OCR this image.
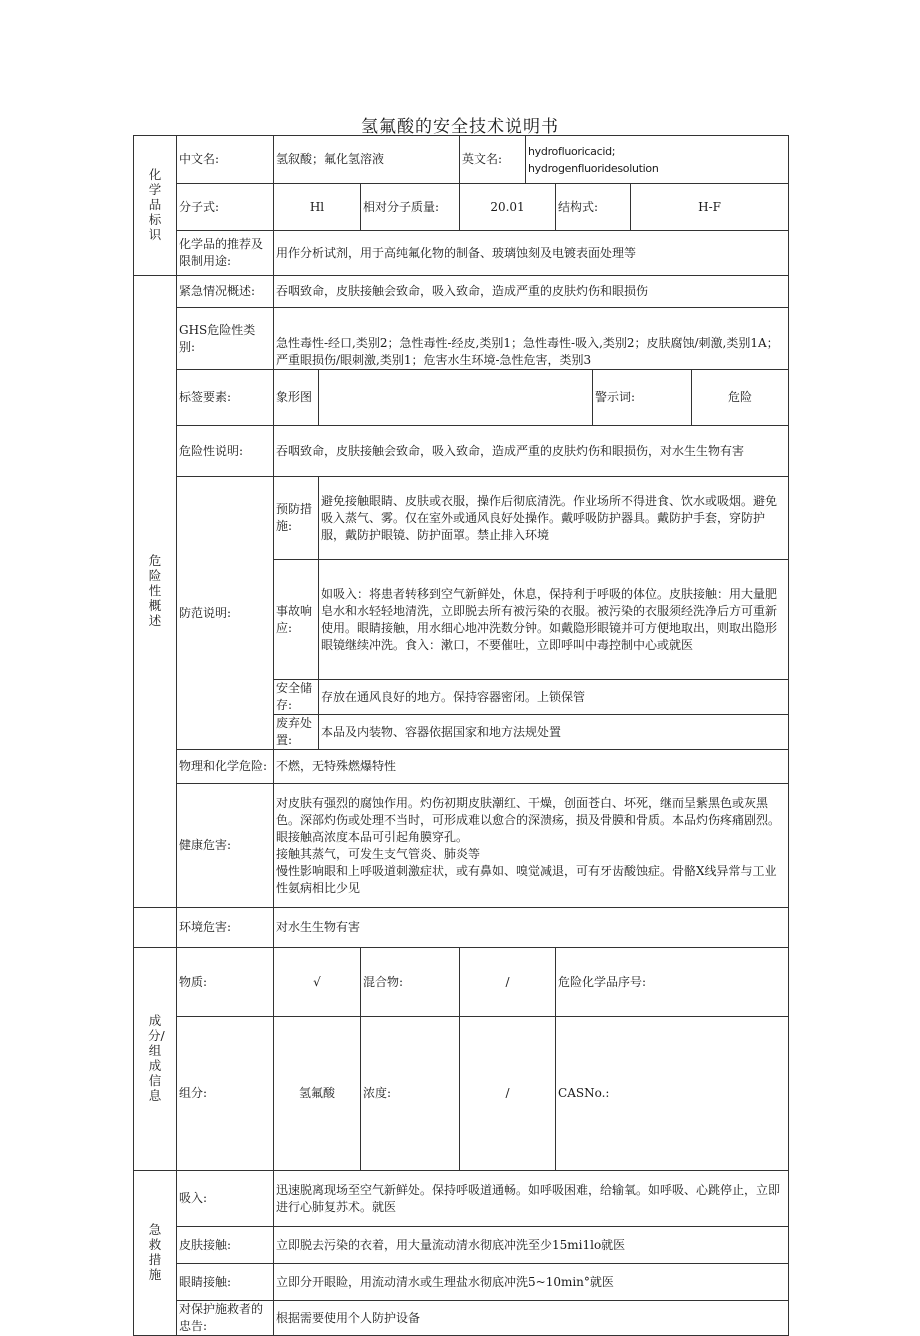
氢氟酸的安全技术说明书
化学品标识	中文名:	氢叙酸；氟化氢溶液			英文名:	hydrofluoricacid;
hydrogenfluoridesolution					

	分子式:	Hl		相对分子质量:	20.01		结构式:		H-F		
	化学品的推荐及限制用途:	用作分析试剂，用于高纯氟化物的制备、玻璃蚀刻及电镀表面处理等									
危险性概述	紧急情况概述:	吞咽致命，皮肤接触会致命，吸入致命，造成严重的皮肤灼伤和眼损伤									
	GHS危险性类别:	急性毒性-经口,类别2；急性毒性-经皮,类别1；急性毒性-吸入,类别2；皮肤腐蚀/刺激,类别1A；严重眼损伤/眼刺激,类别1；危害水生环境-急性危害，类别3									
	标签要素:	象形图						警示词:		危险	
	危险性说明:	吞咽致命，皮肤接触会致命，吸入致命，造成严重的皮肤灼伤和眼损伤，对水生生物有害									
	防范说明:	预防措施:	避免接触眼睛、皮肤或衣服，操作后彻底清洗。作业场所不得进食、饮水或吸烟。避免吸入蒸气、雾。仅在室外或通风良好处操作。戴呼吸防护器具。戴防护手套，穿防护服，戴防护眼镜、防护面罩。禁止排入环境								
		事故响应:	如吸入：将患者转移到空气新鲜处，休息，保持利于呼吸的体位。皮肤接触：用大量肥皂水和水轻轻地清洗，立即脱去所有被污染的衣服。被污染的衣服须经洗净后方可重新使用。眼睛接触，用水细心地冲洗数分钟。如戴隐形眼镜并可方便地取出，则取出隐形眼镜继续冲洗。食入：漱口，不要催吐，立即呼叫中毒控制中心或就医								
		安全储存:	存放在通风良好的地方。保持容器密闭。上锁保管								
		废弃处置:	本品及内装物、容器依据国家和地方法规处置								
	物理和化学危险:	不燃，无特殊燃爆特性									
	健康危害:	对皮肤有强烈的腐蚀作用。灼伤初期皮肤潮红、干燥，创面苍白、坏死，继而呈紫黑色或灰黑色。深部灼伤或处理不当时，可形成难以愈合的深溃疡，损及骨膜和骨质。本品灼伤疼痛剧烈。眼接触高浓度本品可引起角膜穿孔。
接触其蒸气，可发生支气管炎、肺炎等
慢性影响眼和上呼吸道刺激症状，或有鼻如、嗅觉减退，可有牙齿酸蚀症。骨骼X线异常与工业性氨病相比少见									

	环境危害:	对水生生物有害									
成分/组成信息	物质:	√		混合物:	/		危险化学品序号:	
	组分:	氢氟酸		浓度:	/		CASNo.:	
急救措施	吸入:	迅速脱离现场至空气新鲜处。保持呼吸道通畅。如呼吸困难，给输氧。如呼吸、心跳停止，立即进行心肺复苏术。就医									
	皮肤接触:	立即脱去污染的衣着，用大量流动清水彻底冲洗至少15mi1lo就医									
	眼睛接触:	立即分开眼睑，用流动清水或生理盐水彻底冲洗5~10min°就医									
	对保护施救者的忠告:	根据需要使用个人防护设备									
